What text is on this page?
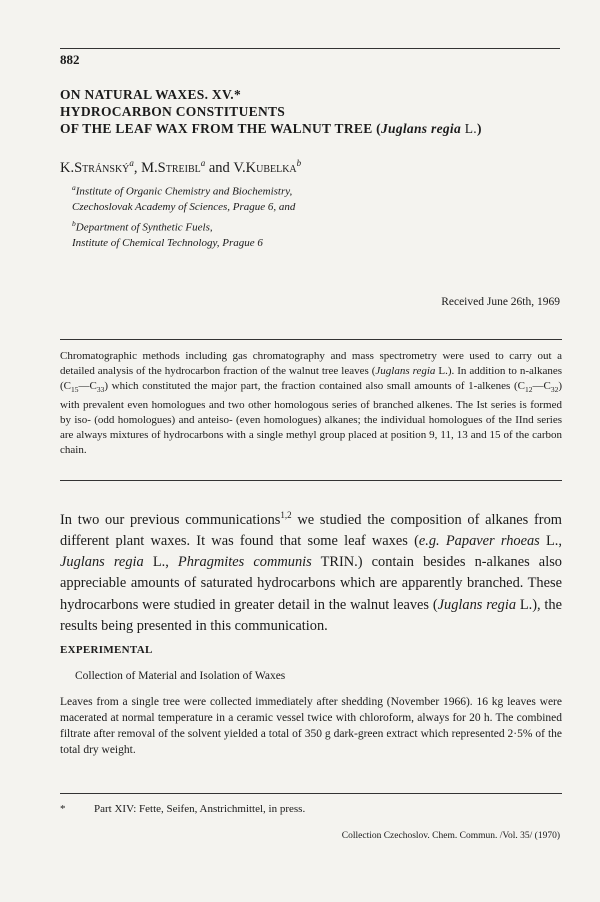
882
ON NATURAL WAXES. XV.*
HYDROCARBON CONSTITUENTS
OF THE LEAF WAX FROM THE WALNUT TREE (Juglans regia L.)
K.Stránský$^a$, M.Streibl$^a$ and V.Kubelka$^b$
$^a$Institute of Organic Chemistry and Biochemistry,
Czechoslovak Academy of Sciences, Prague 6, and
$^b$Department of Synthetic Fuels,
Institute of Chemical Technology, Prague 6
Received June 26th, 1969
Chromatographic methods including gas chromatography and mass spectrometry were used to carry out a detailed analysis of the hydrocarbon fraction of the walnut tree leaves (Juglans regia L.). In addition to n-alkanes $(C_{15}—C_{33})$ which constituted the major part, the fraction contained also small amounts of 1-alkenes $(C_{12}—C_{32})$ with prevalent even homologues and two other homologous series of branched alkenes. The Ist series is formed by iso- (odd homologues) and anteiso- (even homologues) alkanes; the individual homologues of the IInd series are always mixtures of hydrocarbons with a single methyl group placed at position 9, 11, 13 and 15 of the carbon chain.
In two our previous communications$^{1,2}$ we studied the composition of alkanes from different plant waxes. It was found that some leaf waxes (e.g. Papaver rhoeas L., Juglans regia L., Phragmites communis TRIN.) contain besides n-alkanes also appreciable amounts of saturated hydrocarbons which are apparently branched. These hydrocarbons were studied in greater detail in the walnut leaves (Juglans regia L.), the results being presented in this communication.
EXPERIMENTAL
Collection of Material and Isolation of Waxes
Leaves from a single tree were collected immediately after shedding (November 1966). 16 kg leaves were macerated at normal temperature in a ceramic vessel twice with chloroform, always for 20 h. The combined filtrate after removal of the solvent yielded a total of 350 g dark-green extract which represented 2·5% of the total dry weight.
*	Part XIV: Fette, Seifen, Anstrichmittel, in press.
Collection Czechoslov. Chem. Commun. /Vol. 35/ (1970)
